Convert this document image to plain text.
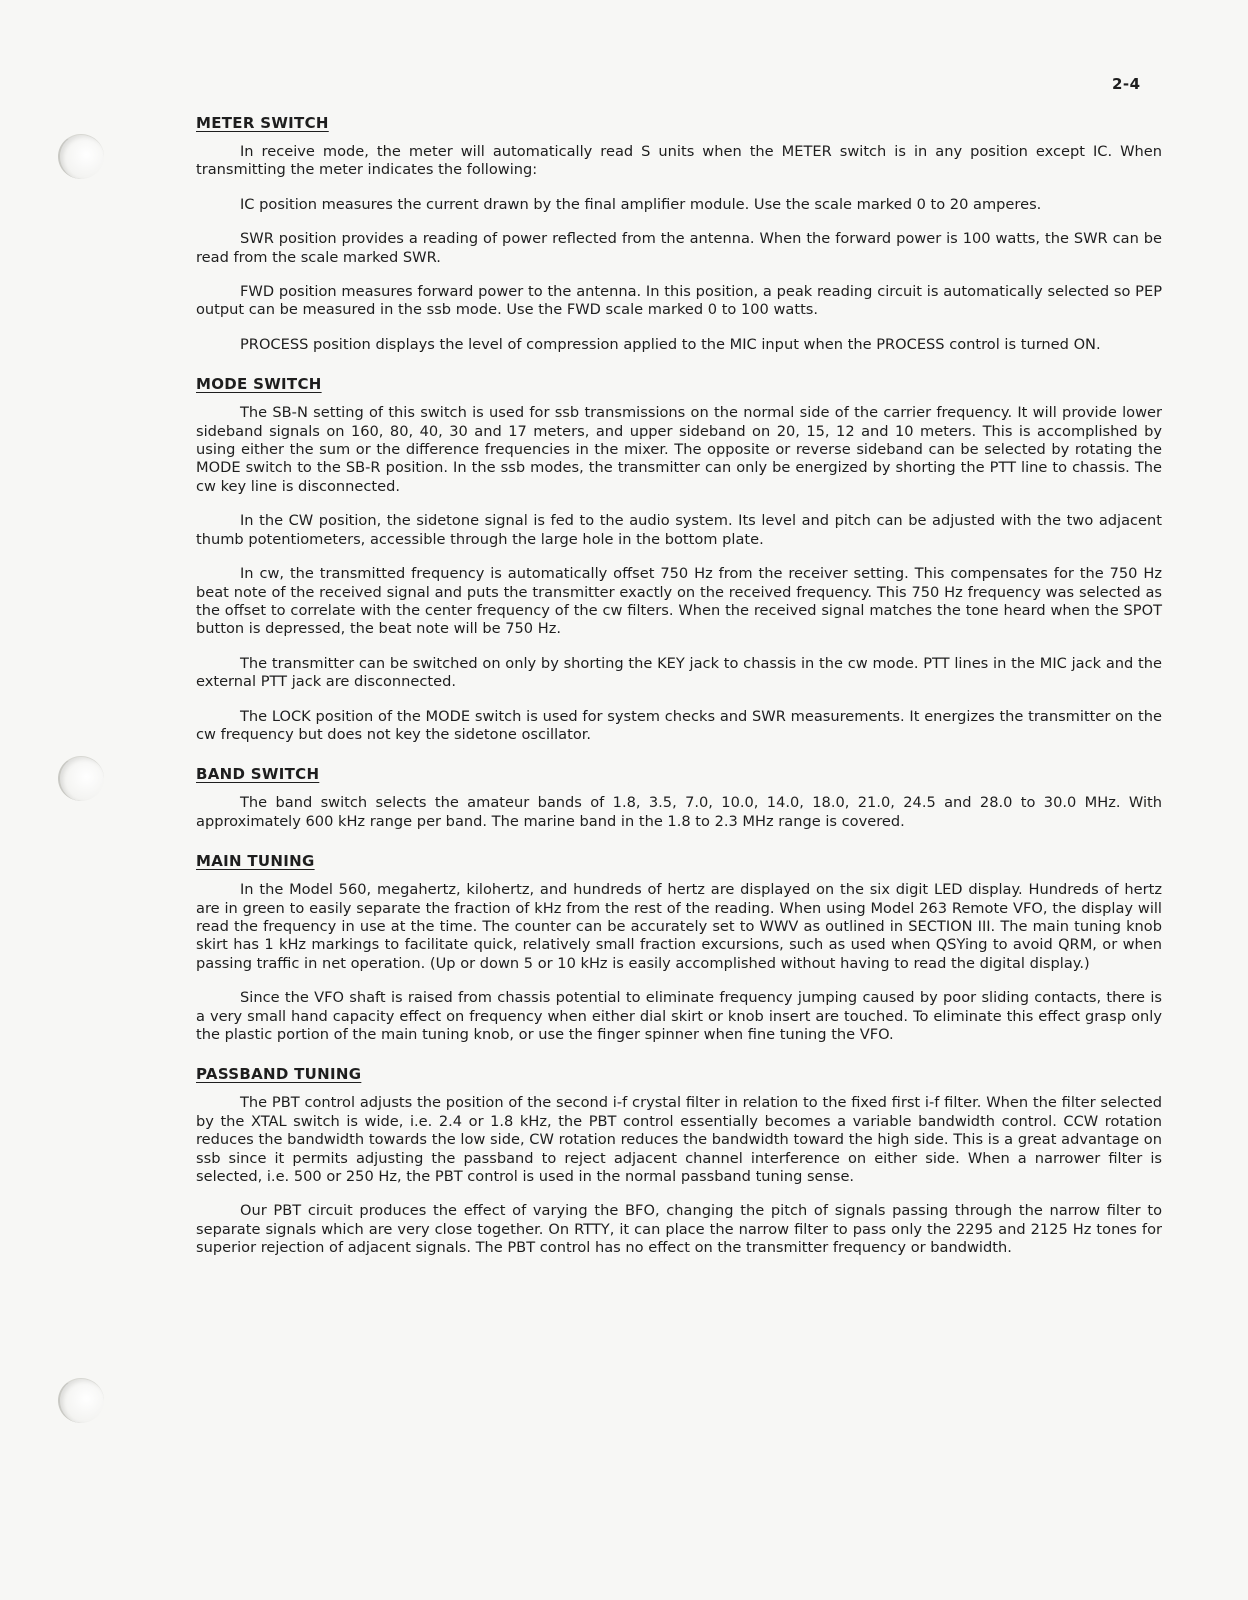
2-4
METER SWITCH

In receive mode, the meter will automatically read S units when the METER switch is in any position except IC. When transmitting the meter indicates the following:

IC position measures the current drawn by the final amplifier module. Use the scale marked 0 to 20 amperes.

SWR position provides a reading of power reflected from the antenna. When the forward power is 100 watts, the SWR can be read from the scale marked SWR.

FWD position measures forward power to the antenna. In this position, a peak reading circuit is automatically selected so PEP output can be measured in the ssb mode. Use the FWD scale marked 0 to 100 watts.

PROCESS position displays the level of compression applied to the MIC input when the PROCESS control is turned ON.

MODE SWITCH

The SB-N setting of this switch is used for ssb transmissions on the normal side of the carrier frequency. It will provide lower sideband signals on 160, 80, 40, 30 and 17 meters, and upper sideband on 20, 15, 12 and 10 meters. This is accomplished by using either the sum or the difference frequencies in the mixer. The opposite or reverse sideband can be selected by rotating the MODE switch to the SB-R position. In the ssb modes, the transmitter can only be energized by shorting the PTT line to chassis. The cw key line is disconnected.

In the CW position, the sidetone signal is fed to the audio system. Its level and pitch can be adjusted with the two adjacent thumb potentiometers, accessible through the large hole in the bottom plate.

In cw, the transmitted frequency is automatically offset 750 Hz from the receiver setting. This compensates for the 750 Hz beat note of the received signal and puts the transmitter exactly on the received frequency. This 750 Hz frequency was selected as the offset to correlate with the center frequency of the cw filters. When the received signal matches the tone heard when the SPOT button is depressed, the beat note will be 750 Hz.

The transmitter can be switched on only by shorting the KEY jack to chassis in the cw mode. PTT lines in the MIC jack and the external PTT jack are disconnected.

The LOCK position of the MODE switch is used for system checks and SWR measurements. It energizes the transmitter on the cw frequency but does not key the sidetone oscillator.

BAND SWITCH

The band switch selects the amateur bands of 1.8, 3.5, 7.0, 10.0, 14.0, 18.0, 21.0, 24.5 and 28.0 to 30.0 MHz. With approximately 600 kHz range per band. The marine band in the 1.8 to 2.3 MHz range is covered.

MAIN TUNING

In the Model 560, megahertz, kilohertz, and hundreds of hertz are displayed on the six digit LED display. Hundreds of hertz are in green to easily separate the fraction of kHz from the rest of the reading. When using Model 263 Remote VFO, the display will read the frequency in use at the time. The counter can be accurately set to WWV as outlined in SECTION III. The main tuning knob skirt has 1 kHz markings to facilitate quick, relatively small fraction excursions, such as used when QSYing to avoid QRM, or when passing traffic in net operation. (Up or down 5 or 10 kHz is easily accomplished without having to read the digital display.)

Since the VFO shaft is raised from chassis potential to eliminate frequency jumping caused by poor sliding contacts, there is a very small hand capacity effect on frequency when either dial skirt or knob insert are touched. To eliminate this effect grasp only the plastic portion of the main tuning knob, or use the finger spinner when fine tuning the VFO.

PASSBAND TUNING

The PBT control adjusts the position of the second i-f crystal filter in relation to the fixed first i-f filter. When the filter selected by the XTAL switch is wide, i.e. 2.4 or 1.8 kHz, the PBT control essentially becomes a variable bandwidth control. CCW rotation reduces the bandwidth towards the low side, CW rotation reduces the bandwidth toward the high side. This is a great advantage on ssb since it permits adjusting the passband to reject adjacent channel interference on either side. When a narrower filter is selected, i.e. 500 or 250 Hz, the PBT control is used in the normal passband tuning sense.

Our PBT circuit produces the effect of varying the BFO, changing the pitch of signals passing through the narrow filter to separate signals which are very close together. On RTTY, it can place the narrow filter to pass only the 2295 and 2125 Hz tones for superior rejection of adjacent signals. The PBT control has no effect on the transmitter frequency or bandwidth.
